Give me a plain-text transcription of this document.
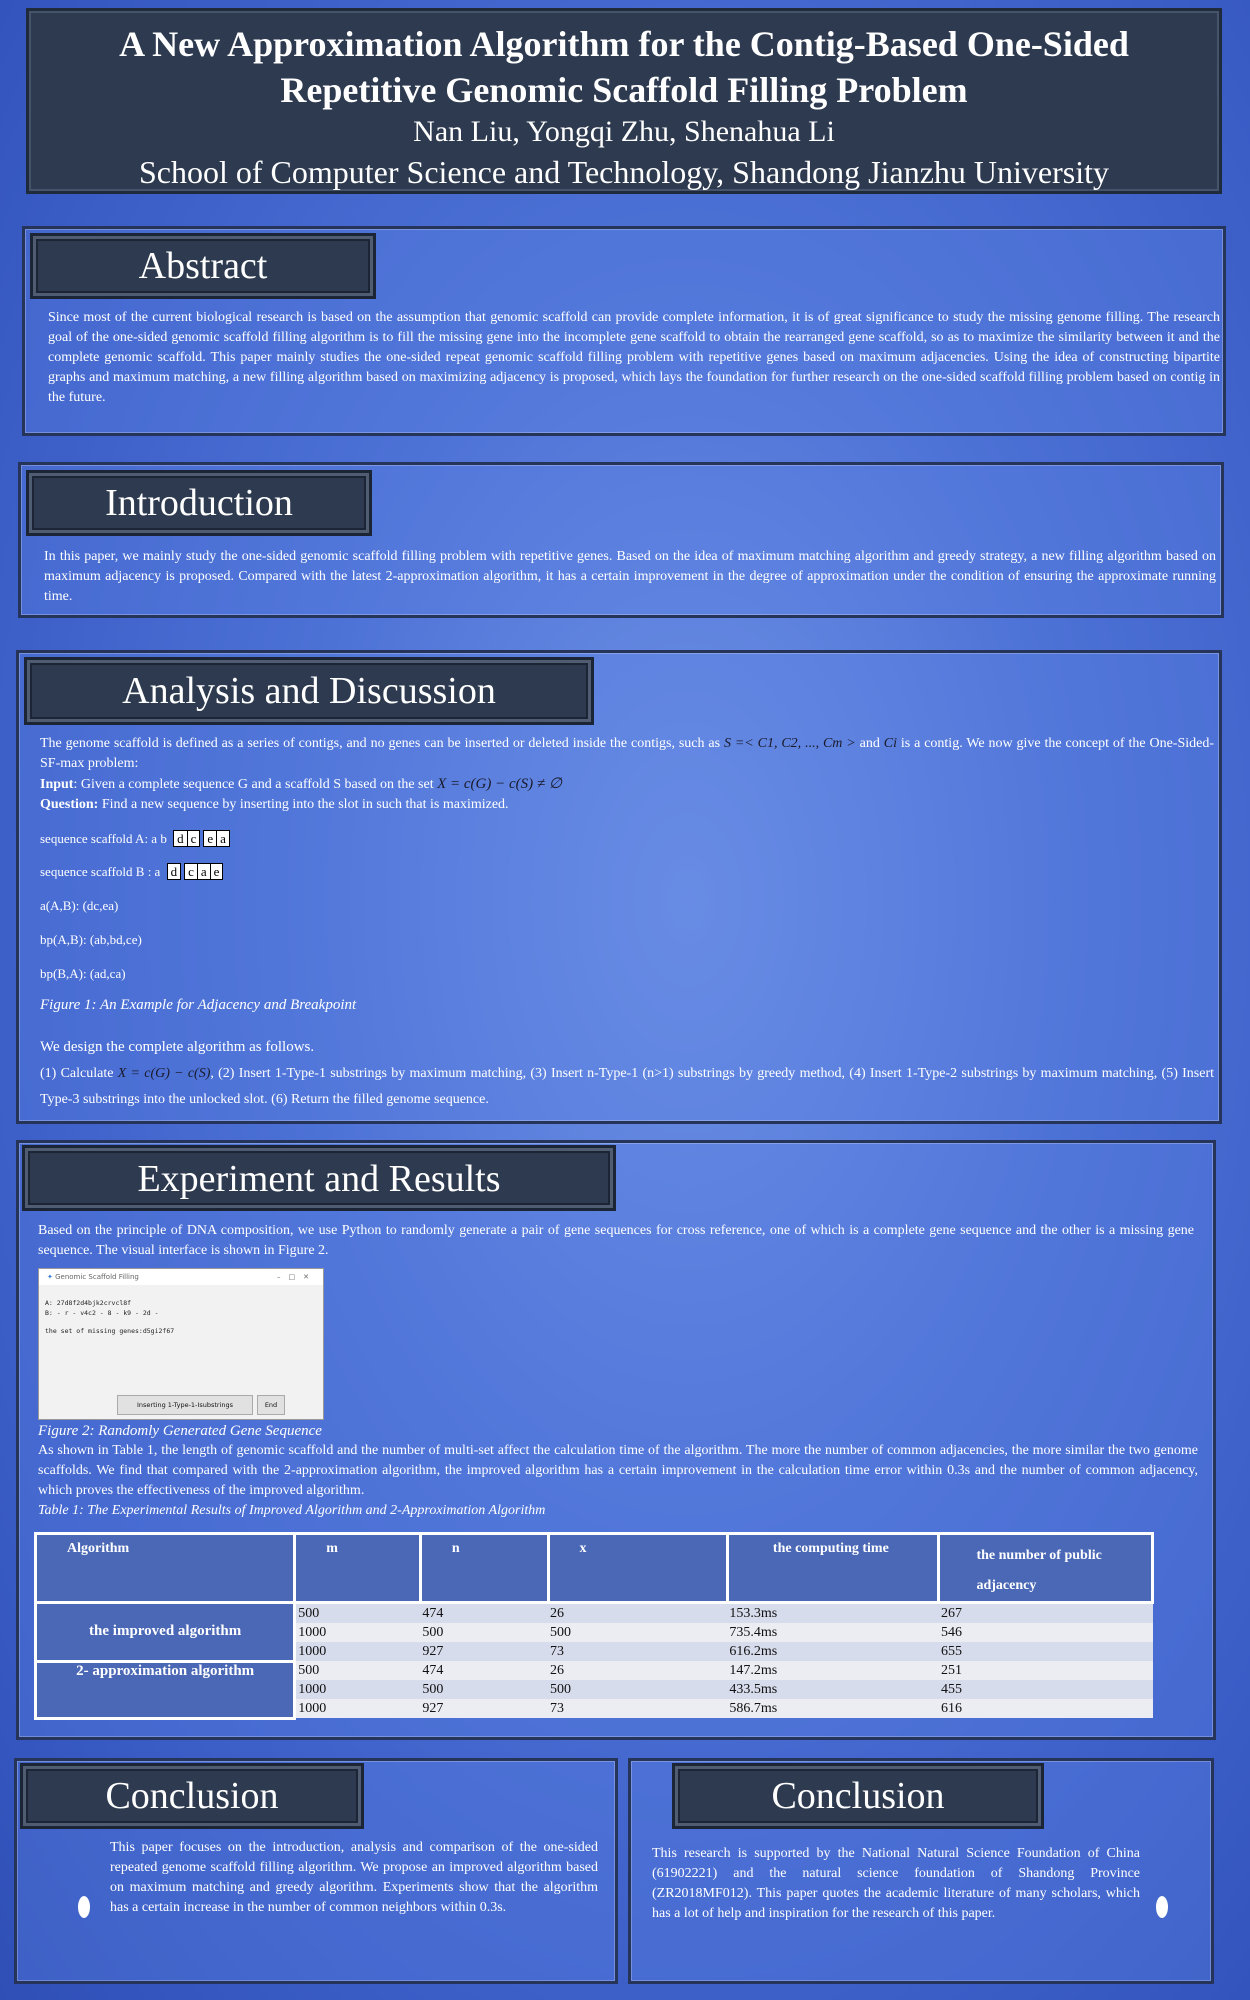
A New Approximation Algorithm for the Contig-Based One-Sided
Repetitive Genomic Scaffold Filling Problem
Nan Liu, Yongqi Zhu, Shenahua Li
School of Computer Science and Technology, Shandong Jianzhu University
Abstract
Since most of the current biological research is based on the assumption that genomic scaffold can provide complete information, it is of great significance to study the missing genome filling. The research goal of the one-sided genomic scaffold filling algorithm is to fill the missing gene into the incomplete gene scaffold to obtain the rearranged gene scaffold, so as to maximize the similarity between it and the complete genomic scaffold. This paper mainly studies the one-sided repeat genomic scaffold filling problem with repetitive genes based on maximum adjacencies. Using the idea of constructing bipartite graphs and maximum matching, a new filling algorithm based on maximizing adjacency is proposed, which lays the foundation for further research on the one-sided scaffold filling problem based on contig in the future.
Introduction
In this paper, we mainly study the one-sided genomic scaffold filling problem with repetitive genes. Based on the idea of maximum matching algorithm and greedy strategy, a new filling algorithm based on maximum adjacency is proposed. Compared with the latest 2-approximation algorithm, it has a certain improvement in the degree of approximation under the condition of ensuring the approximate running time.
Analysis and Discussion
The genome scaffold is defined as a series of contigs, and no genes can be inserted or deleted inside the contigs, such as S =< C1, C2, ..., Cm > and Ci is a contig. We now give the concept of the One-Sided-SF-max problem:
Input: Given a complete sequence G and a scaffold S based on the set X = c(G) − c(S) ≠ ∅
Question: Find a new sequence by inserting into the slot in such that is maximized.
sequence scaffold A: a b d c e a
sequence scaffold B : a d c a e
a(A,B): (dc,ea)
bp(A,B): (ab,bd,ce)
bp(B,A): (ad,ca)
Figure 1: An Example for Adjacency and Breakpoint
We design the complete algorithm as follows.
(1) Calculate X = c(G) − c(S), (2) Insert 1-Type-1 substrings by maximum matching, (3) Insert n-Type-1 (n>1) substrings by greedy method, (4) Insert 1-Type-2 substrings by maximum matching, (5) Insert Type-3 substrings into the unlocked slot. (6) Return the filled genome sequence.
Experiment and Results
Based on the principle of DNA composition, we use Python to randomly generate a pair of gene sequences for cross reference, one of which is a complete gene sequence and the other is a missing gene sequence. The visual interface is shown in Figure 2.
✦ Genomic Scaffold Filling	–□✕
A: 27d8f2d4bjk2crvcl8f
B: - r - v4c2 - 8 - k9 - 2d -
the set of missing genes:d5gi2f67
Inserting 1-Type-1-Isubstrings	End
Figure 2: Randomly Generated Gene Sequence
As shown in Table 1, the length of genomic scaffold and the number of multi-set affect the calculation time of the algorithm. The more the number of common adjacencies, the more similar the two genome scaffolds. We find that compared with the 2-approximation algorithm, the improved algorithm has a certain improvement in the calculation time error within 0.3s and the number of common adjacency, which proves the effectiveness of the improved algorithm.
Table 1: The Experimental Results of Improved Algorithm and 2-Approximation Algorithm
Algorithm	m	n	x	the computing time	the number of public adjacency
the improved algorithm	500	474	26	153.3ms	267
	1000	500	500	735.4ms	546
	1000	927	73	616.2ms	655
2- approximation algorithm	500	474	26	147.2ms	251
	1000	500	500	433.5ms	455
	1000	927	73	586.7ms	616
Conclusion
This paper focuses on the introduction, analysis and comparison of the one-sided repeated genome scaffold filling algorithm. We propose an improved algorithm based on maximum matching and greedy algorithm. Experiments show that the algorithm has a certain increase in the number of common neighbors within 0.3s.
Conclusion
This research is supported by the National Natural Science Foundation of China (61902221) and the natural science foundation of Shandong Province (ZR2018MF012). This paper quotes the academic literature of many scholars, which has a lot of help and inspiration for the research of this paper.
